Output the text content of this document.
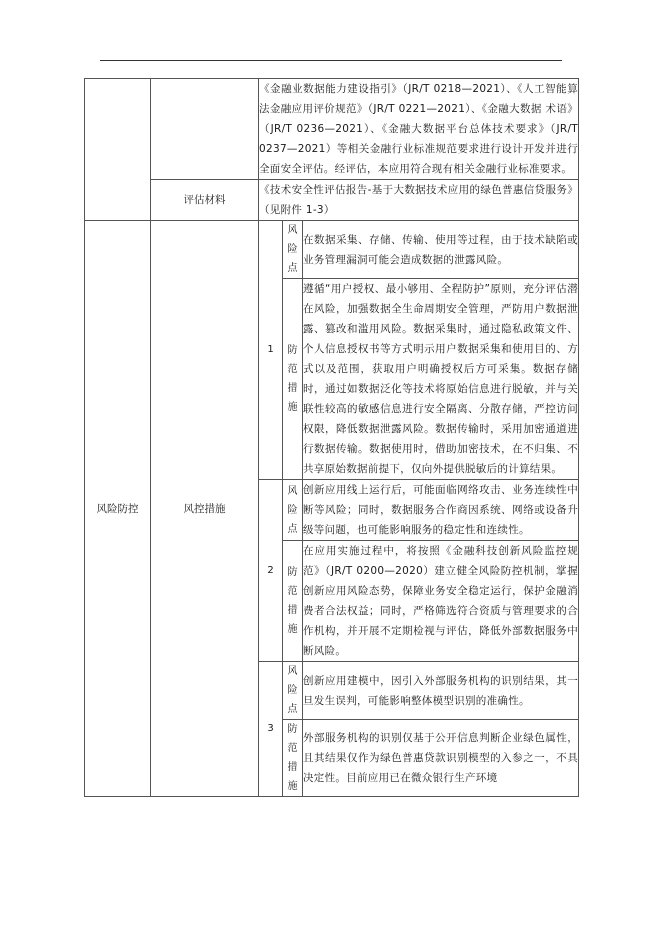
		《金融业数据能力建设指引》（JR/T 0218—2021）、《人工智能算法金融应用评价规范》（JR/T 0221—2021）、《金融大数据 术语》（JR/T 0236—2021）、《金融大数据平台总体技术要求》（JR/T 0237—2021）等相关金融行业标准规范要求进行设计开发并进行全面安全评估。经评估，本应用符合现有相关金融行业标准要求。		
	评估材料	《技术安全性评估报告-基于大数据技术应用的绿色普惠信贷服务》（见附件 1-3）		
风险防控	风控措施	1	风险点	在数据采集、存储、传输、使用等过程，由于技术缺陷或业务管理漏洞可能会造成数据的泄露风险。
			防范措施	遵循“用户授权、最小够用、全程防护”原则，充分评估潜在风险，加强数据全生命周期安全管理，严防用户数据泄露、篡改和滥用风险。数据采集时，通过隐私政策文件、个人信息授权书等方式明示用户数据采集和使用目的、方式以及范围，获取用户明确授权后方可采集。数据存储时，通过如数据泛化等技术将原始信息进行脱敏，并与关联性较高的敏感信息进行安全隔离、分散存储，严控访问权限，降低数据泄露风险。数据传输时，采用加密通道进行数据传输。数据使用时，借助加密技术，在不归集、不共享原始数据前提下，仅向外提供脱敏后的计算结果。
		2	风险点	创新应用线上运行后，可能面临网络攻击、业务连续性中断等风险；同时，数据服务合作商因系统、网络或设备升级等问题，也可能影响服务的稳定性和连续性。
			防范措施	在应用实施过程中，将按照《金融科技创新风险监控规范》（JR/T 0200—2020）建立健全风险防控机制，掌握创新应用风险态势，保障业务安全稳定运行，保护金融消费者合法权益；同时，严格筛选符合资质与管理要求的合作机构，并开展不定期检视与评估，降低外部数据服务中断风险。
		3	风险点	创新应用建模中，因引入外部服务机构的识别结果，其一旦发生误判，可能影响整体模型识别的准确性。
			防范措施	外部服务机构的识别仅基于公开信息判断企业绿色属性，且其结果仅作为绿色普惠贷款识别模型的入参之一，不具决定性。目前应用已在微众银行生产环境
